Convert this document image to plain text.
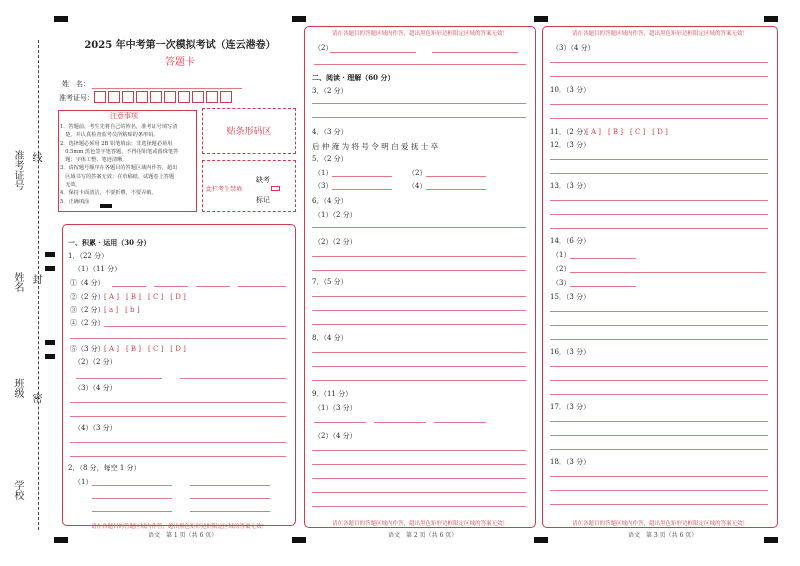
准考证号 线
姓名 封
班级 密
学校
2025 年中考第一次模拟考试（连云港卷）
答题卡
姓　名：
准考证号：
注意事项
1．答题前，考生先将自己的姓名，准考证号填写清
　楚，并认真检查监考员所粘贴的条形码。
2．选择题必须用 2B 铅笔填涂；非选择题必须用
　0.5mm 黑色签字笔答题，不得用铅笔或圆珠笔答
　题；字体工整、笔迹清晰。
3．请按题号顺序在各题目的答题区域内作答，超出
　区域书写的答案无效；在草稿纸、试题卷上答题
　无效。
4．保持卡面清洁，不要折叠、不要弄破。
5．正确填涂
贴条形码区
此栏考生禁填
缺考
标记
一、积累 · 运用（30 分）
1．（22 分）
（1）（11 分）
①（4 分）
②（2 分） [ A ]　[ B ]　[ C ]　[ D ]
③（2 分） [ a ]　[ b ]
④（2 分）
⑤（3 分） [ A ]　[ B ]　[ C ]　[ D ]
（2）（2 分）
（3）（4 分）
（4）（3 分）
2．（8 分，每空 1 分）
（1）
请在各题目的答题区域内作答，超出黑色矩形边框限定区域的答案无效！
语文　第 1 页（共 6 页）
请在各题目的答题区域内作答，超出黑色矩形边框限定区域的答案无效！
请在各题目的答题区域内作答，超出黑色矩形边框限定区域的答案无效！
（2）
二、阅读 · 理解（60 分）
3．（2 分）
4．（3 分）
后 仲 淹 为 将 号 令 明 白 爱 抚 士 卒
5．（2 分）
（1）	（2）
（3）	（4）
6．（4 分）
（1）（2 分）
（2）（2 分）
7．（5 分）
8．（4 分）
9．（11 分）
（1）（3 分）
（2）（4 分）
语文　第 2 页（共 6 页）
请在各题目的答题区域内作答，超出黑色矩形边框限定区域的答案无效！
请在各题目的答题区域内作答，超出黑色矩形边框限定区域的答案无效！
（3）（4 分）
10．（3 分）
11．（2 分）
[ A ]　[ B ]　[ C ]　[ D ]
12．（3 分）
13．（3 分）
14．（6 分）
（1）
（2）
（3）
15．（3 分）
16．（3 分）
17．（3 分）
18．（3 分）
语文　第 3 页（共 6 页）
